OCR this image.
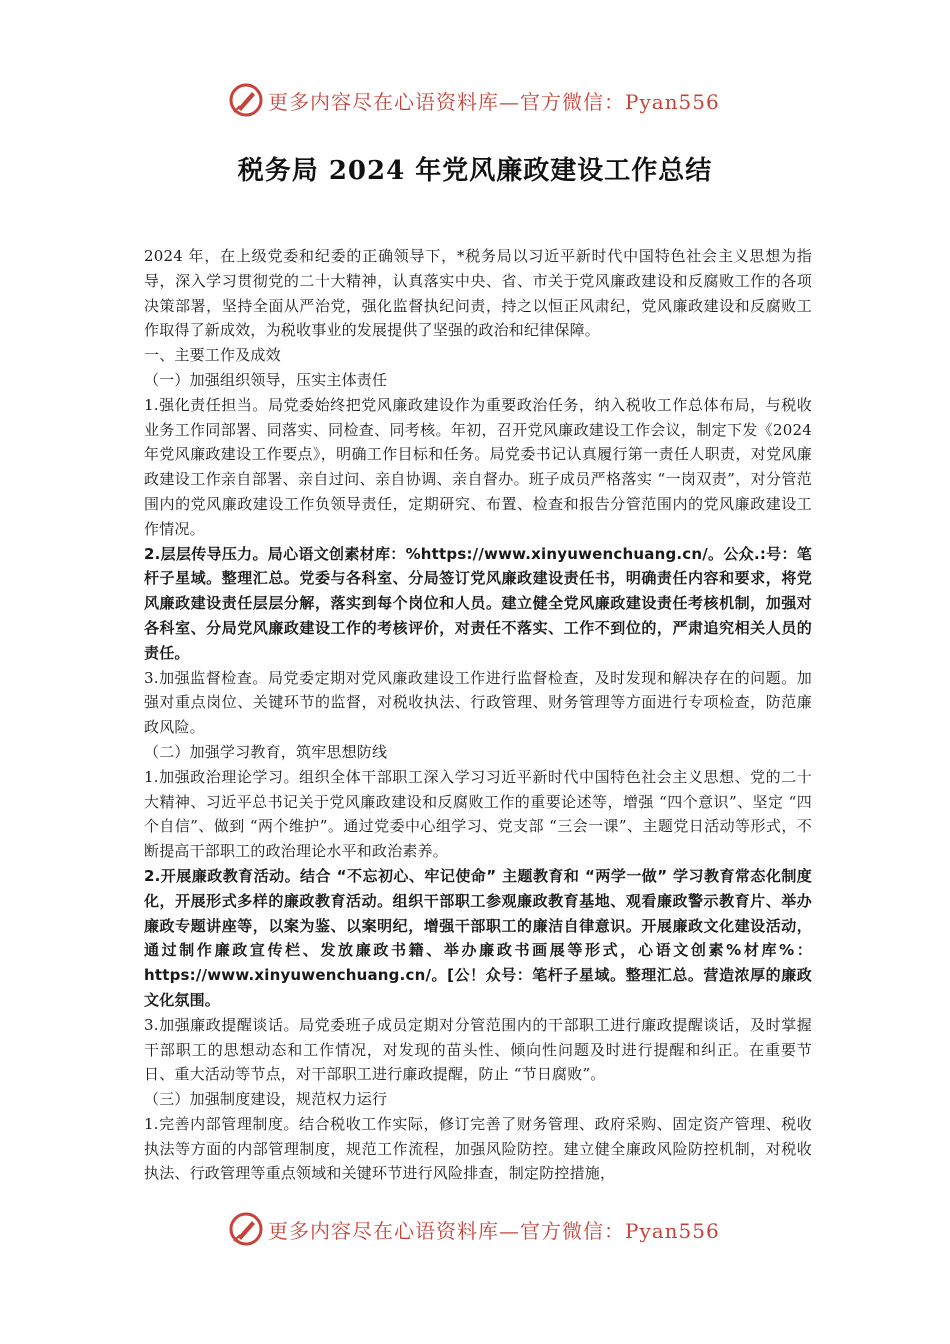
更多内容尽在心语资料库—官方微信：Pyan556
税务局 2024 年党风廉政建设工作总结

2024 年，在上级党委和纪委的正确领导下，*税务局以习近平新时代中国特色社会主义思想为指导，深入学习贯彻党的二十大精神，认真落实中央、省、市关于党风廉政建设和反腐败工作的各项决策部署，坚持全面从严治党，强化监督执纪问责，持之以恒正风肃纪，党风廉政建设和反腐败工作取得了新成效，为税收事业的发展提供了坚强的政治和纪律保障。

一、主要工作及成效

（一）加强组织领导，压实主体责任

1.强化责任担当。局党委始终把党风廉政建设作为重要政治任务，纳入税收工作总体布局，与税收业务工作同部署、同落实、同检查、同考核。年初，召开党风廉政建设工作会议，制定下发《2024 年党风廉政建设工作要点》，明确工作目标和任务。局党委书记认真履行第一责任人职责，对党风廉政建设工作亲自部署、亲自过问、亲自协调、亲自督办。班子成员严格落实 “一岗双责”，对分管范围内的党风廉政建设工作负领导责任，定期研究、布置、检查和报告分管范围内的党风廉政建设工作情况。

2.层层传导压力。局心语文创素材库：%https://www.xinyuwenchuang.cn/。公众.:号：笔杆子星域。整理汇总。党委与各科室、分局签订党风廉政建设责任书，明确责任内容和要求，将党风廉政建设责任层层分解，落实到每个岗位和人员。建立健全党风廉政建设责任考核机制，加强对各科室、分局党风廉政建设工作的考核评价，对责任不落实、工作不到位的，严肃追究相关人员的责任。

3.加强监督检查。局党委定期对党风廉政建设工作进行监督检查，及时发现和解决存在的问题。加强对重点岗位、关键环节的监督，对税收执法、行政管理、财务管理等方面进行专项检查，防范廉政风险。

（二）加强学习教育，筑牢思想防线

1.加强政治理论学习。组织全体干部职工深入学习习近平新时代中国特色社会主义思想、党的二十大精神、习近平总书记关于党风廉政建设和反腐败工作的重要论述等，增强 “四个意识”、坚定 “四个自信”、做到 “两个维护”。通过党委中心组学习、党支部 “三会一课”、主题党日活动等形式，不断提高干部职工的政治理论水平和政治素养。

2.开展廉政教育活动。结合 “不忘初心、牢记使命” 主题教育和 “两学一做” 学习教育常态化制度化，开展形式多样的廉政教育活动。组织干部职工参观廉政教育基地、观看廉政警示教育片、举办廉政专题讲座等，以案为鉴、以案明纪，增强干部职工的廉洁自律意识。开展廉政文化建设活动，通过制作廉政宣传栏、发放廉政书籍、举办廉政书画展等形式，心语文创素%材库%：https://www.xinyuwenchuang.cn/。[公！众号：笔杆子星域。整理汇总。营造浓厚的廉政文化氛围。

3.加强廉政提醒谈话。局党委班子成员定期对分管范围内的干部职工进行廉政提醒谈话，及时掌握干部职工的思想动态和工作情况，对发现的苗头性、倾向性问题及时进行提醒和纠正。在重要节日、重大活动等节点，对干部职工进行廉政提醒，防止 “节日腐败”。

（三）加强制度建设，规范权力运行

1.完善内部管理制度。结合税收工作实际，修订完善了财务管理、政府采购、固定资产管理、税收执法等方面的内部管理制度，规范工作流程，加强风险防控。建立健全廉政风险防控机制，对税收执法、行政管理等重点领域和关键环节进行风险排查，制定防控措施，

更多内容尽在心语资料库—官方微信：Pyan556
